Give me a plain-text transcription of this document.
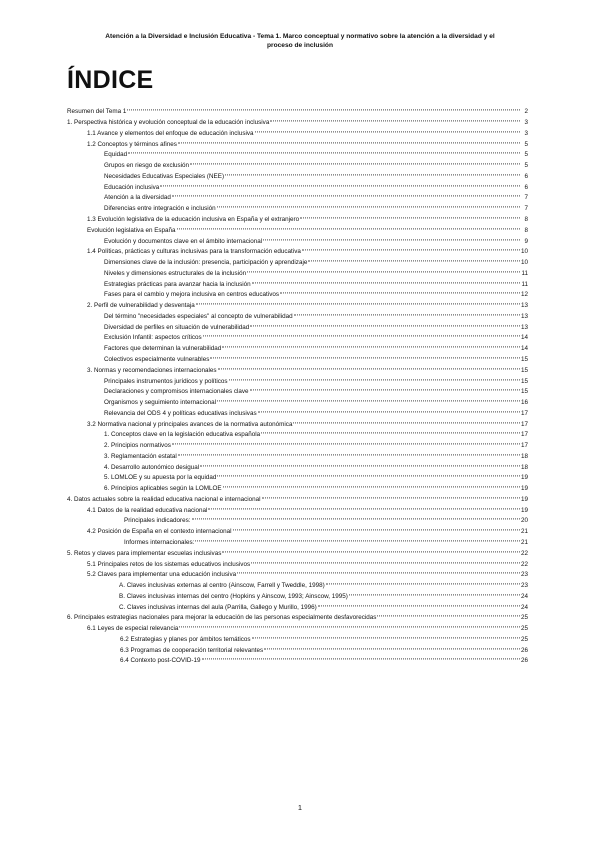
Atención a la Diversidad e Inclusión Educativa - Tema 1. Marco conceptual y normativo sobre la atención a la diversidad y el
proceso de inclusión
ÍNDICE
Resumen del Tema 1	2
1. Perspectiva histórica y evolución conceptual de la educación inclusiva	3
1.1 Avance y elementos del enfoque de educación inclusiva	3
1.2 Conceptos y términos afines	5
Equidad	5
Grupos en riesgo de exclusión	5
Necesidades Educativas Especiales (NEE)	6
Educación inclusiva	6
Atención a la diversidad	7
Diferencias entre integración e inclusión	7
1.3 Evolución legislativa de la educación inclusiva en España y el extranjero	8
Evolución legislativa en España	8
Evolución y documentos clave en el ámbito internacional	9
1.4 Políticas, prácticas y culturas inclusivas para la transformación educativa	10
Dimensiones clave de la inclusión: presencia, participación y aprendizaje	10
Niveles y dimensiones estructurales de la inclusión	11
Estrategias prácticas para avanzar hacia la inclusión	11
Fases para el cambio y mejora inclusiva en centros educativos	12
2. Perfil de vulnerabilidad y desventaja	13
Del término "necesidades especiales" al concepto de vulnerabilidad	13
Diversidad de perfiles en situación de vulnerabilidad	13
Exclusión Infantil: aspectos críticos	14
Factores que determinan la vulnerabilidad	14
Colectivos especialmente vulnerables	15
3. Normas y recomendaciones internacionales	15
Principales instrumentos jurídicos y políticos	15
Declaraciones y compromisos internacionales clave	15
Organismos y seguimiento internacional	16
Relevancia del ODS 4 y políticas educativas inclusivas	17
3.2 Normativa nacional y principales avances de la normativa autonómica	17
1. Conceptos clave en la legislación educativa española	17
2. Principios normativos	17
3. Reglamentación estatal	18
4. Desarrollo autonómico desigual	18
5. LOMLOE y su apuesta por la equidad	19
6. Principios aplicables según la LOMLOE	19
4. Datos actuales sobre la realidad educativa nacional e internacional	19
4.1 Datos de la realidad educativa nacional	19
Principales indicadores:	20
4.2 Posición de España en el contexto internacional	21
Informes internacionales:	21
5. Retos y claves para implementar escuelas inclusivas	22
5.1 Principales retos de los sistemas educativos inclusivos	22
5.2 Claves para implementar una educación inclusiva	23
A. Claves inclusivas externas al centro (Ainscow, Farrell y Tweddle, 1998)	23
B. Claves inclusivas internas del centro (Hopkins y Ainscow, 1993; Ainscow, 1995)	24
C. Claves inclusivas internas del aula (Parrilla, Gallego y Murillo, 1996)	24
6. Principales estrategias nacionales para mejorar la educación de las personas especialmente desfavorecidas	25
6.1 Leyes de especial relevancia	25
6.2 Estrategias y planes por ámbitos temáticos	25
6.3 Programas de cooperación territorial relevantes	26
6.4 Contexto post-COVID-19	26
1
